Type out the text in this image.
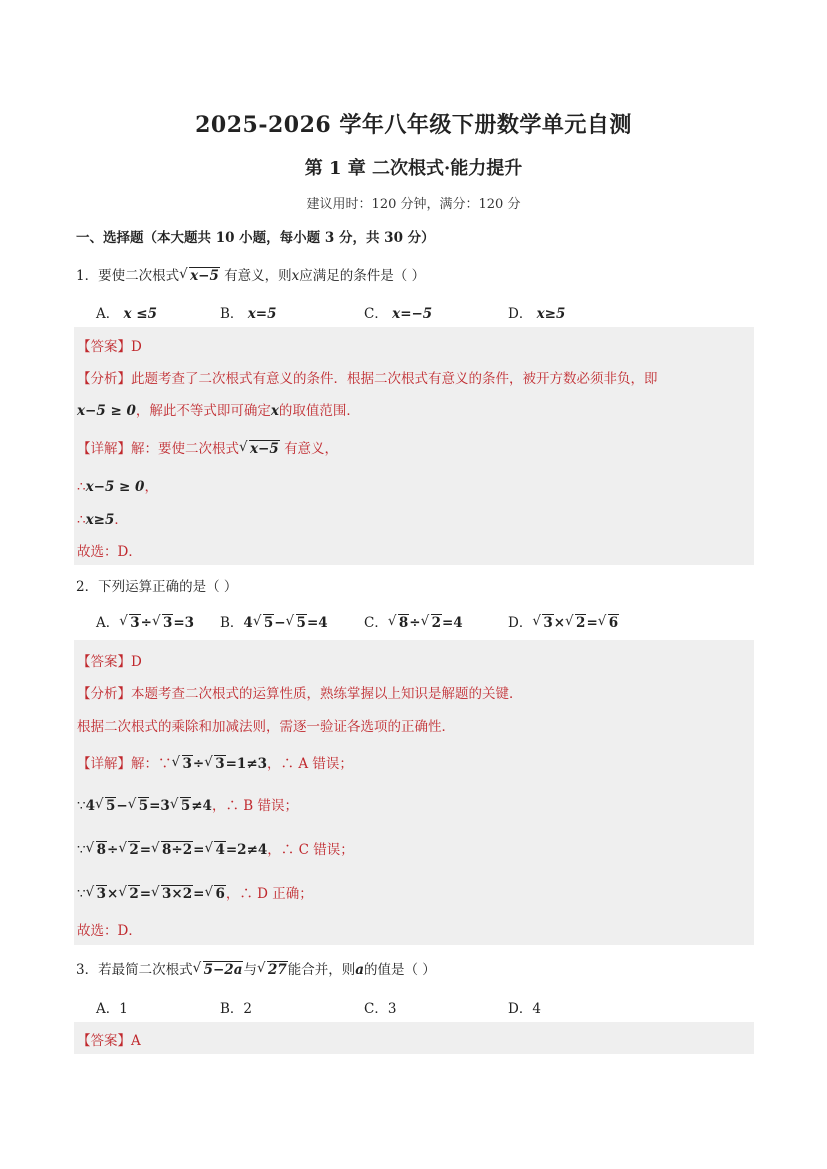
2025-2026 学年八年级下册数学单元自测
第 1 章 二次根式·能力提升
建议用时：120 分钟，满分：120 分
一、选择题（本大题共 10 小题，每小题 3 分，共 30 分）
1．要使二次根式 √ x−5 有意义，则x应满足的条件是（ ）
A． x ≤5	B． x=5	C． x=−5	D． x≥5
【答案】D
【分析】此题考查了二次根式有意义的条件．根据二次根式有意义的条件，被开方数必须非负，即
x−5 ≥ 0，解此不等式即可确定x的取值范围．
【详解】解：要使二次根式 √ x−5 有意义，
∴x−5 ≥ 0，
∴x≥5．
故选：D．
2．下列运算正确的是（ ）
A． √ 3÷ √ 3=3 B．4 √ 5− √ 5=4	C． √ 8÷ √ 2=4	D． √ 3× √ 2= √ 6
【答案】D
【分析】本题考查二次根式的运算性质，熟练掌握以上知识是解题的关键．
根据二次根式的乘除和加减法则，需逐一验证各选项的正确性．
【详解】解：∵ √ 3÷ √ 3=1≠3，∴ A 错误；
∵4 √ 5− √ 5=3 √ 5≠4，∴ B 错误；
∵ √ 8÷ √ 2= √ 8÷2= √ 4=2≠4，∴ C 错误；
∵ √ 3× √ 2= √ 3×2= √ 6，∴ D 正确；
故选：D．
3．若最简二次根式 √ 5−2a与 √ 27能合并，则a的值是（ ）
A．1	B．2	C．3	D．4
【答案】A
